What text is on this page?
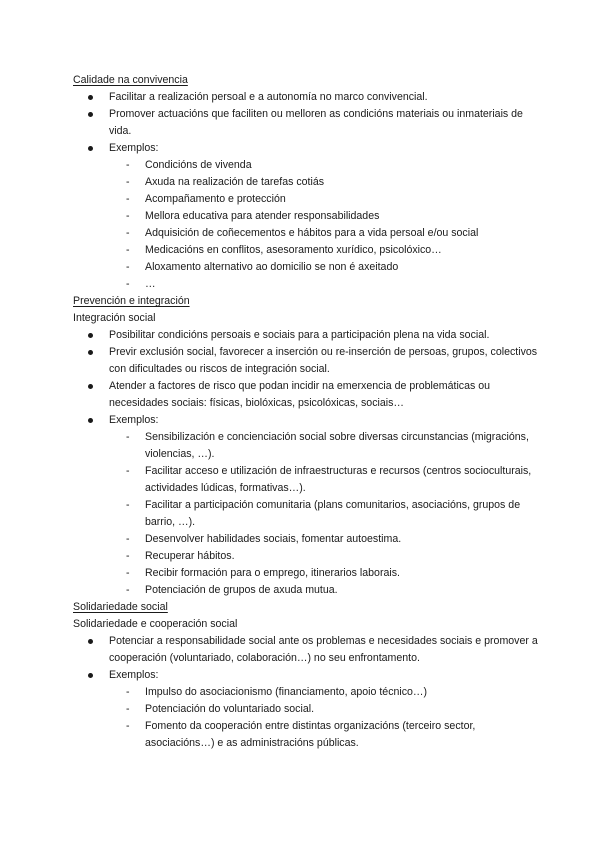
Calidade na convivencia
Facilitar a realización persoal e a autonomía no marco convivencial.
Promover actuacións que faciliten ou melloren as condicións materiais ou inmateriais de vida.
Exemplos:
- Condicións de vivenda
- Axuda na realización de tarefas cotiás
- Acompañamento e protección
- Mellora educativa para atender responsabilidades
- Adquisición de coñecementos e hábitos para a vida persoal e/ou social
- Medicacións en conflitos, asesoramento xurídico, psicolóxico…
- Aloxamento alternativo ao domicilio se non é axeitado
- …
Prevención e integración
Integración social
Posibilitar condicións persoais e sociais para a participación plena na vida social.
Previr exclusión social, favorecer a inserción ou re-inserción de persoas, grupos, colectivos con dificultades ou riscos de integración social.
Atender a factores de risco que podan incidir na emerxencia de problemáticas ou necesidades sociais: físicas, biolóxicas, psicolóxicas, sociais…
Exemplos:
- Sensibilización e concienciación social sobre diversas circunstancias (migracións, violencias, …).
- Facilitar acceso e utilización de infraestructuras e recursos (centros socioculturais, actividades lúdicas, formativas…).
- Facilitar a participación comunitaria (plans comunitarios, asociacións, grupos de barrio, …).
- Desenvolver habilidades sociais, fomentar autoestima.
- Recuperar hábitos.
- Recibir formación para o emprego, itinerarios laborais.
- Potenciación de grupos de axuda mutua.
Solidariedade social
Solidariedade e cooperación social
Potenciar a responsabilidade social ante os problemas e necesidades sociais e promover a cooperación (voluntariado, colaboración…) no seu enfrontamento.
Exemplos:
- Impulso do asociacionismo (financiamento, apoio técnico…)
- Potenciación do voluntariado social.
- Fomento da cooperación entre distintas organizacións (terceiro sector, asociacións…) e as administracións públicas.
